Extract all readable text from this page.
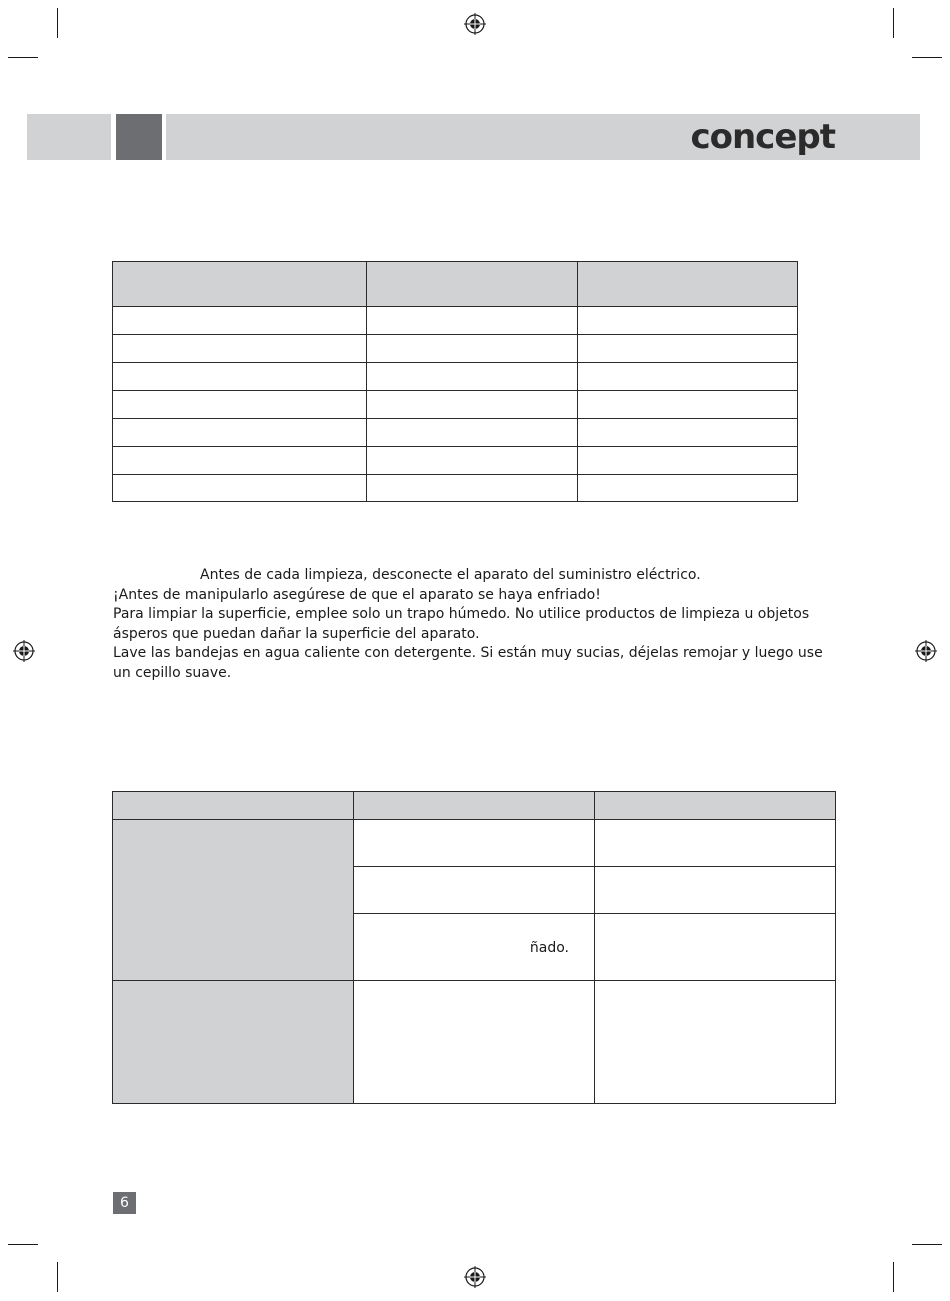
concept

Antes de cada limpieza, desconecte el aparato del suministro eléctrico.

¡Antes de manipularlo asegúrese de que el aparato se haya enfriado!

Para limpiar la superficie, emplee solo un trapo húmedo. No utilice productos de limpieza u objetos ásperos que puedan dañar la superficie del aparato.

Lave las bandejas en agua caliente con detergente. Si están muy sucias, déjelas remojar y luego use un cepillo suave.

	ñado.	

6
